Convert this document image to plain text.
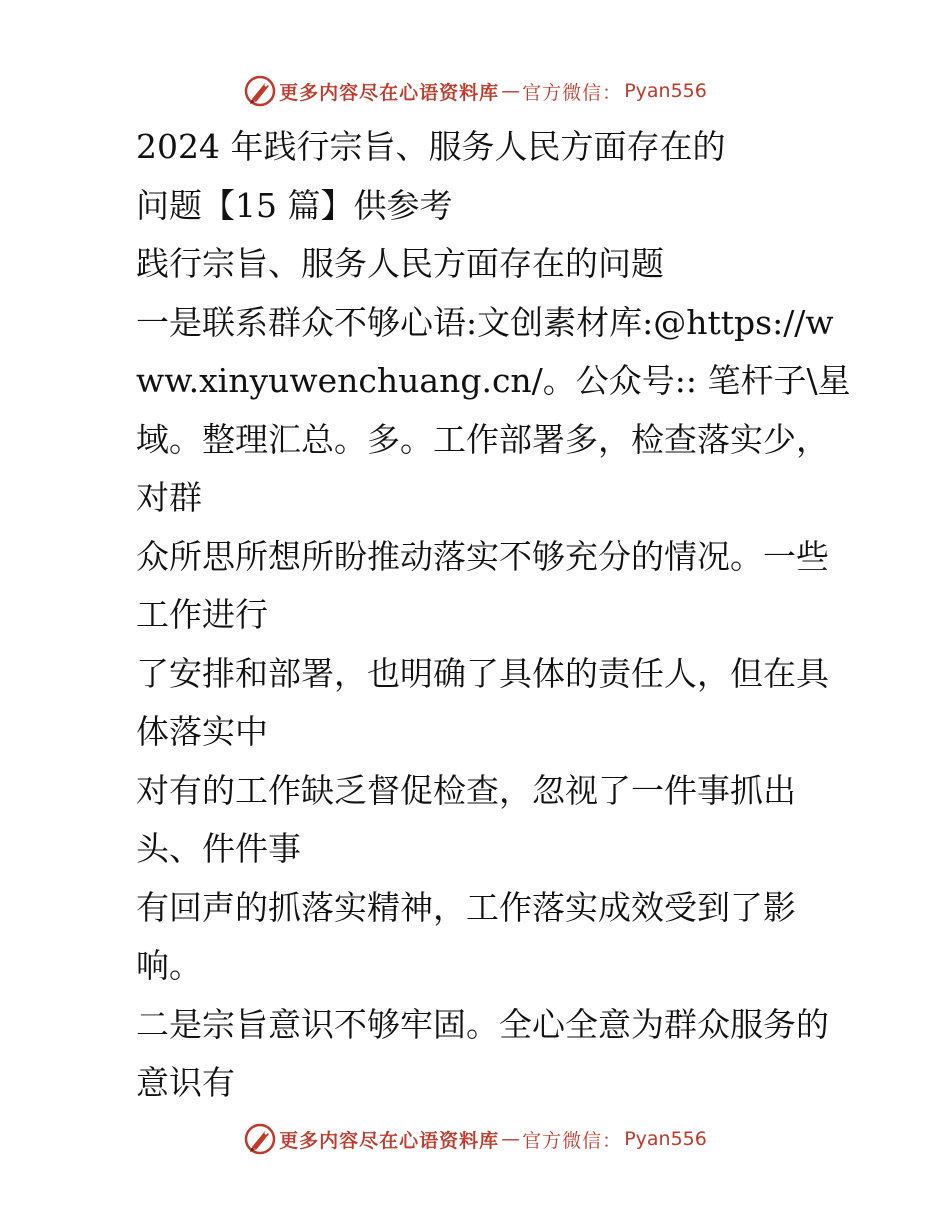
更多内容尽在心语资料库 — 官方微信： Pyan556

2024 年践行宗旨、服务人民方面存在的

问题【15 篇】供参考

践行宗旨、服务人民方面存在的问题

一是联系群众不够心语:文创素材库:@https://www.xinyuwenchuang.cn/。公众号:: 笔杆子\星域。整理汇总。多。工作部署多，检查落实少，对群

众所思所想所盼推动落实不够充分的情况。一些工作进行

了安排和部署，也明确了具体的责任人，但在具体落实中

对有的工作缺乏督促检查，忽视了一件事抓出头、件件事

有回声的抓落实精神，工作落实成效受到了影响。

二是宗旨意识不够牢固。全心全意为群众服务的意识有

更多内容尽在心语资料库 — 官方微信： Pyan556
